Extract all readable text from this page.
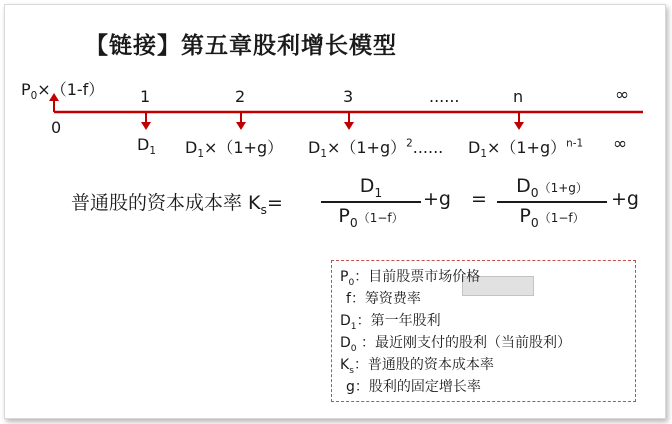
【链接】第五章股利增长模型
$P_0\times(1-f)$
0
1	2	3	......	n	∞
$D_1$ $D_1\times(1+g)$ $D_1\times(1+g)^2$...... $D_1\times(1+g)^{n-1}$ ∞
普通股的资本成本率 $K_s=$
$D_1$
$P_0(1-f)$
+g =
$D_0(1+g)$
$P_0(1-f)$
+g
$P_0$：目前股票市场价格
f：筹资费率
$D_1$：第一年股利
$D_0$ ：最近刚支付的股利（当前股利）
$K_s$：普通股的资本成本率
g：股利的固定增长率
